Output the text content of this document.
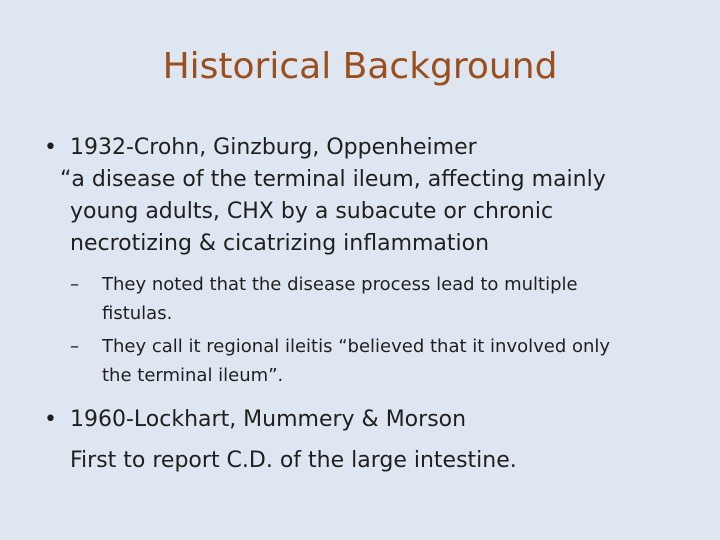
Historical Background
• 1932-Crohn, Ginzburg, Oppenheimer
“a disease of the terminal ileum, affecting mainly
young adults, CHX by a subacute or chronic
necrotizing & cicatrizing inflammation
– They noted that the disease process lead to multiple
fistulas.
– They call it regional ileitis “believed that it involved only
the terminal ileum”.
• 1960-Lockhart, Mummery & Morson
First to report C.D. of the large intestine.
